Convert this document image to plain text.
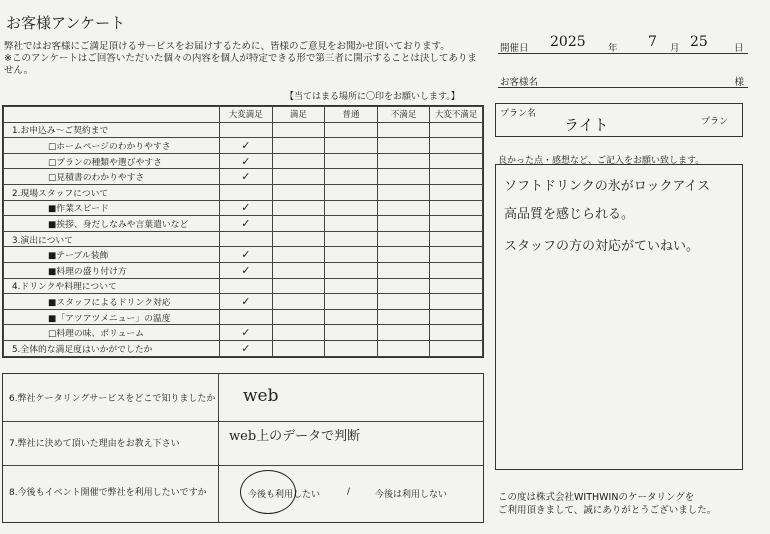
お客様アンケート
弊社ではお客様にご満足頂けるサービスをお届けするために、皆様のご意見をお聞かせ頂いております。
※このアンケートはご回答いただいた個々の内容を個人が特定できる形で第三者に開示することは決してありま
せん。
【当てはまる場所に〇印をお願いします。】
	大変満足	満足	普通	不満足	大変不満足
1.お申込み～ご契約まで					
□ホームページのわかりやすさ	✓				
□プランの種類や選びやすさ	✓				
□見積書のわかりやすさ	✓				
2.現場スタッフについて					
■作業スピード	✓				
■挨拶、身だしなみや言葉遣いなど	✓				
3.演出について					
■テーブル装飾	✓				
■料理の盛り付け方	✓				
4.ドリンクや料理について					
■スタッフによるドリンク対応	✓				
■「アツアツメニュー」の温度					
□料理の味、ボリューム	✓				
5.全体的な満足度はいかがでしたか	✓				
6.弊社ケータリングサービスをどこで知りましたか web
7.弊社に決めて頂いた理由をお教え下さい	web上のデータで判断
8.今後もイベント開催で弊社を利用したいですか	今後も利用したい	/	今後は利用しない
開催日 2025 年 7 月 25	日
お客様名	様
プラン名
ライト	プラン
良かった点・感想など、ご記入をお願い致します。
ソフトドリンクの氷がロックアイス
高品質を感じられる。
スタッフの方の対応がていねい。
この度は株式会社WITHWINのケータリングを
ご利用頂きまして、誠にありがとうございました。
